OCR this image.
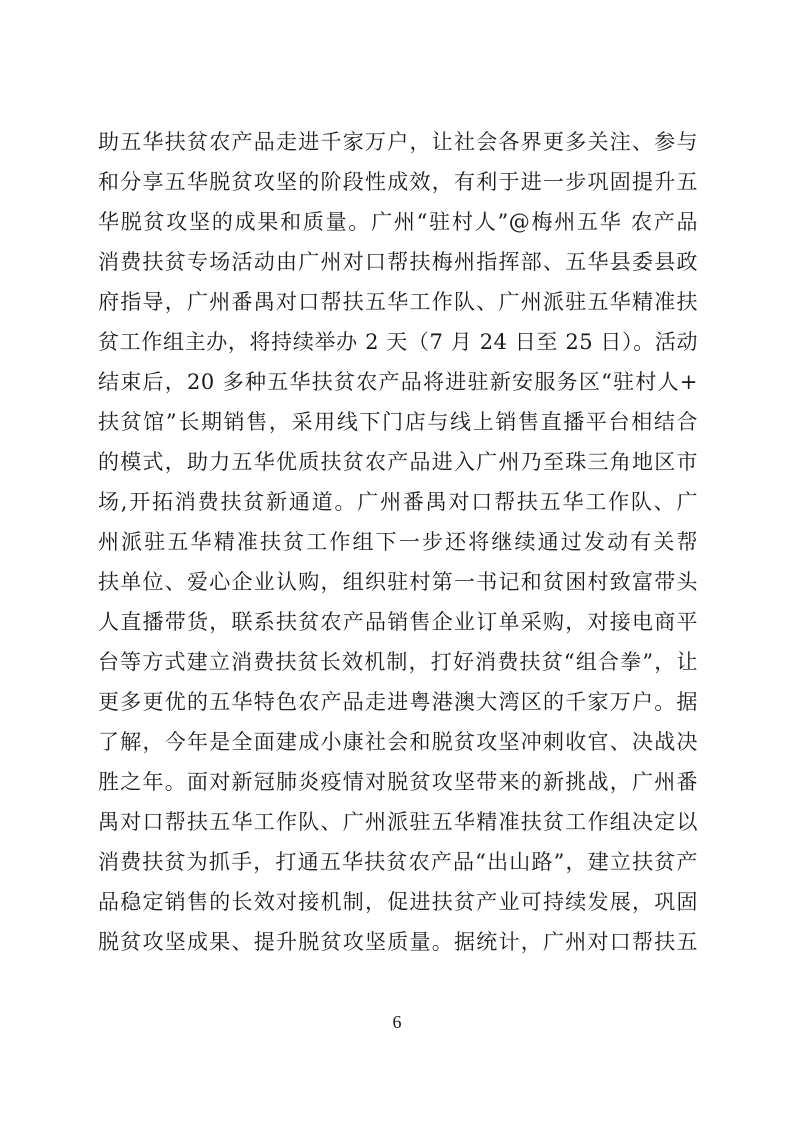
助五华扶贫农产品走进千家万户，让社会各界更多关注、参与
和分享五华脱贫攻坚的阶段性成效，有利于进一步巩固提升五
华脱贫攻坚的成果和质量。广州“驻村人”@梅州五华 农产品
消费扶贫专场活动由广州对口帮扶梅州指挥部、五华县委县政
府指导，广州番禺对口帮扶五华工作队、广州派驻五华精准扶
贫工作组主办，将持续举办 2 天（7 月 24 日至 25 日）。活动
结束后，20 多种五华扶贫农产品将进驻新安服务区“驻村人+
扶贫馆”长期销售，采用线下门店与线上销售直播平台相结合
的模式，助力五华优质扶贫农产品进入广州乃至珠三角地区市
场,开拓消费扶贫新通道。广州番禺对口帮扶五华工作队、广
州派驻五华精准扶贫工作组下一步还将继续通过发动有关帮
扶单位、爱心企业认购，组织驻村第一书记和贫困村致富带头
人直播带货，联系扶贫农产品销售企业订单采购，对接电商平
台等方式建立消费扶贫长效机制，打好消费扶贫“组合拳”，让
更多更优的五华特色农产品走进粤港澳大湾区的千家万户。据
了解，今年是全面建成小康社会和脱贫攻坚冲刺收官、决战决
胜之年。面对新冠肺炎疫情对脱贫攻坚带来的新挑战，广州番
禺对口帮扶五华工作队、广州派驻五华精准扶贫工作组决定以
消费扶贫为抓手，打通五华扶贫农产品“出山路”，建立扶贫产
品稳定销售的长效对接机制，促进扶贫产业可持续发展，巩固
脱贫攻坚成果、提升脱贫攻坚质量。据统计，广州对口帮扶五
6
